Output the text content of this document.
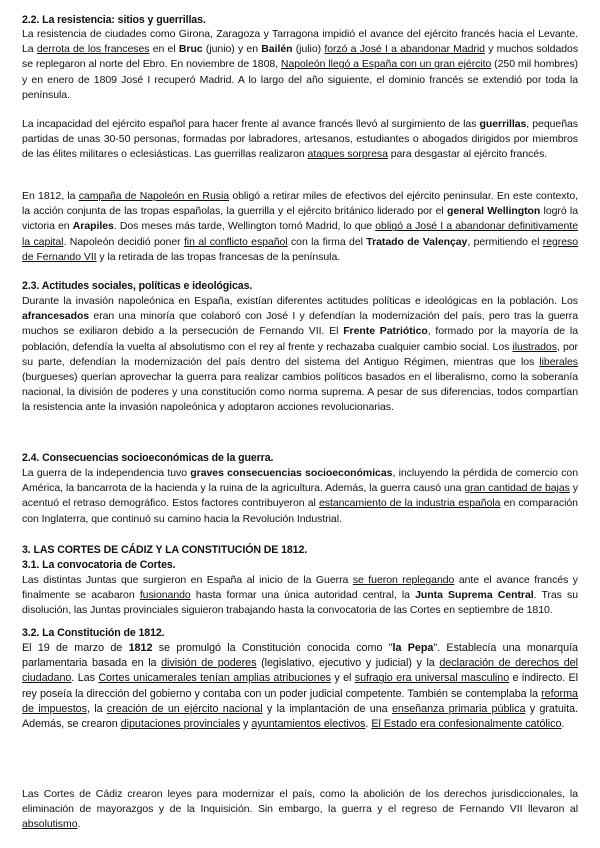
2.2. La resistencia: sitios y guerrillas.
La resistencia de ciudades como Girona, Zaragoza y Tarragona impidió el avance del ejército francés hacia el Levante. La derrota de los franceses en el Bruc (junio) y en Bailén (julio) forzó a José I a abandonar Madrid y muchos soldados se replegaron al norte del Ebro. En noviembre de 1808, Napoleón llegó a España con un gran ejército (250 mil hombres) y en enero de 1809 José I recuperó Madrid. A lo largo del año siguiente, el dominio francés se extendió por toda la península.
La incapacidad del ejército español para hacer frente al avance francés llevó al surgimiento de las guerrillas, pequeñas partidas de unas 30-50 personas, formadas por labradores, artesanos, estudiantes o abogados dirigidos por miembros de las élites militares o eclesiásticas. Las guerrillas realizaron ataques sorpresa para desgastar al ejército francés.
En 1812, la campaña de Napoleón en Rusia obligó a retirar miles de efectivos del ejército peninsular. En este contexto, la acción conjunta de las tropas españolas, la guerrilla y el ejército británico liderado por el general Wellington logró la victoria en Arapiles. Dos meses más tarde, Wellington tomó Madrid, lo que obligó a José I a abandonar definitivamente la capital. Napoleón decidió poner fin al conflicto español con la firma del Tratado de Valençay, permitiendo el regreso de Fernando VII y la retirada de las tropas francesas de la península.
2.3. Actitudes sociales, políticas e ideológicas.
Durante la invasión napoleónica en España, existían diferentes actitudes políticas e ideológicas en la población. Los afrancesados eran una minoría que colaboró con José I y defendían la modernización del país, pero tras la guerra muchos se exiliaron debido a la persecución de Fernando VII. El Frente Patriótico, formado por la mayoría de la población, defendía la vuelta al absolutismo con el rey al frente y rechazaba cualquier cambio social. Los ilustrados, por su parte, defendían la modernización del país dentro del sistema del Antiguo Régimen, mientras que los liberales (burgueses) querían aprovechar la guerra para realizar cambios políticos basados en el liberalismo, como la soberanía nacional, la división de poderes y una constitución como norma suprema. A pesar de sus diferencias, todos compartían la resistencia ante la invasión napoleónica y adoptaron acciones revolucionarias.
2.4. Consecuencias socioeconómicas de la guerra.
La guerra de la independencia tuvo graves consecuencias socioeconómicas, incluyendo la pérdida de comercio con América, la bancarrota de la hacienda y la ruina de la agricultura. Además, la guerra causó una gran cantidad de bajas y acentuó el retraso demográfico. Estos factores contribuyeron al estancamiento de la industria española en comparación con Inglaterra, que continuó su camino hacia la Revolución Industrial.
3. LAS CORTES DE CÁDIZ Y LA CONSTITUCIÓN DE 1812.
3.1. La convocatoria de Cortes.
Las distintas Juntas que surgieron en España al inicio de la Guerra se fueron replegando ante el avance francés y finalmente se acabaron fusionando hasta formar una única autoridad central, la Junta Suprema Central. Tras su disolución, las Juntas provinciales siguieron trabajando hasta la convocatoria de las Cortes en septiembre de 1810.
3.2. La Constitución de 1812.
El 19 de marzo de 1812 se promulgó la Constitución conocida como "la Pepa". Establecía una monarquía parlamentaria basada en la división de poderes (legislativo, ejecutivo y judicial) y la declaración de derechos del ciudadano. Las Cortes unicamerales tenían amplias atribuciones y el sufragio era universal masculino e indirecto. El rey poseía la dirección del gobierno y contaba con un poder judicial competente. También se contemplaba la reforma de impuestos, la creación de un ejército nacional y la implantación de una enseñanza primaria pública y gratuita. Además, se crearon diputaciones provinciales y ayuntamientos electivos. El Estado era confesionalmente católico.
Las Cortes de Cádiz crearon leyes para modernizar el país, como la abolición de los derechos jurisdiccionales, la eliminación de mayorazgos y de la Inquisición. Sin embargo, la guerra y el regreso de Fernando VII llevaron al absolutismo.
